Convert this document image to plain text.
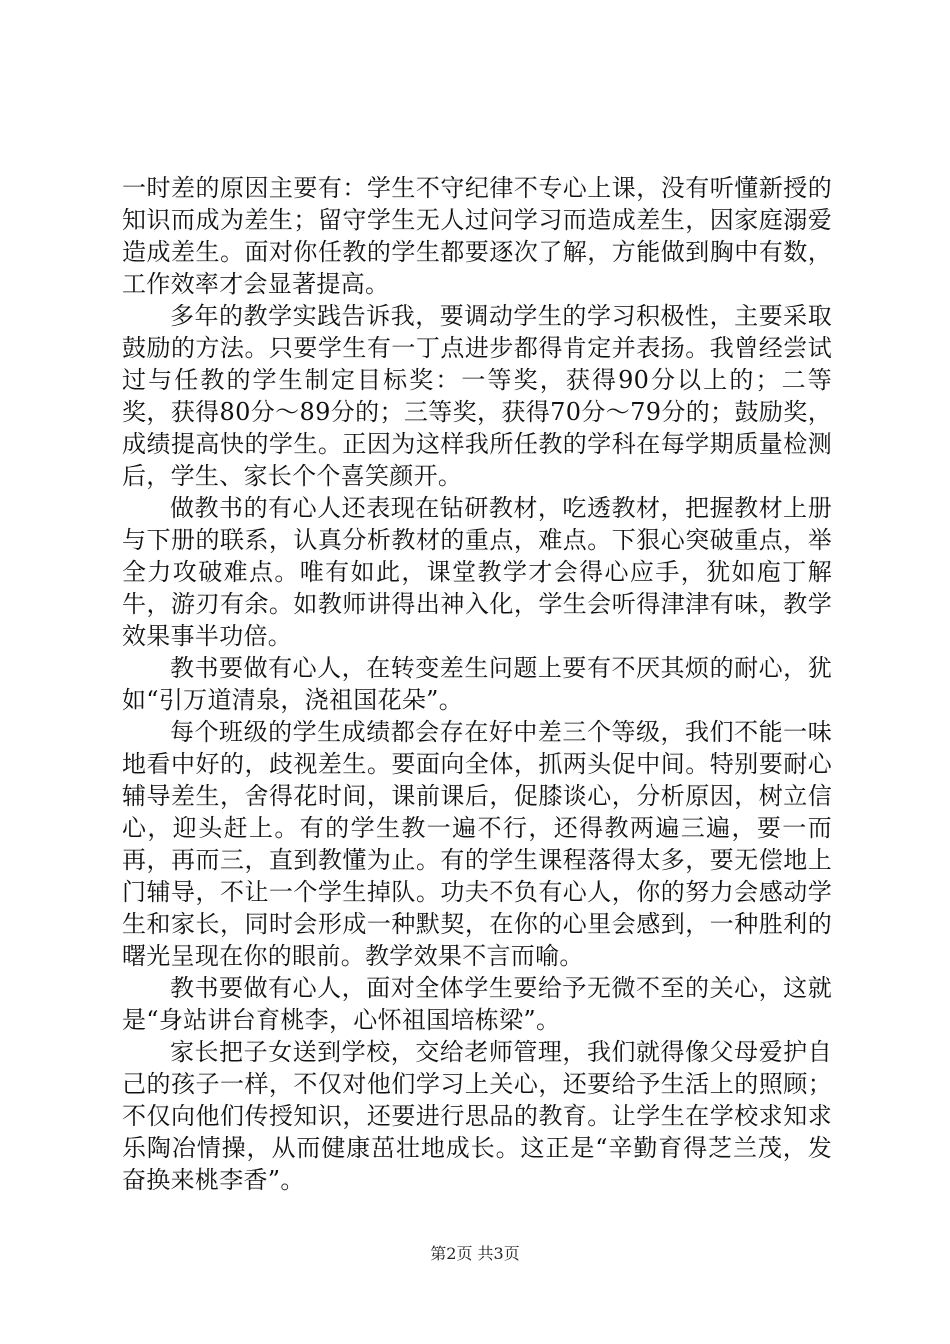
一时差的原因主要有：学生不守纪律不专心上课，没有听懂新授的知识而成为差生；留守学生无人过问学习而造成差生，因家庭溺爱造成差生。面对你任教的学生都要逐次了解，方能做到胸中有数，工作效率才会显著提高。

多年的教学实践告诉我，要调动学生的学习积极性，主要采取鼓励的方法。只要学生有一丁点进步都得肯定并表扬。我曾经尝试过与任教的学生制定目标奖：一等奖，获得90分以上的；二等奖，获得80分～89分的；三等奖，获得70分～79分的；鼓励奖，成绩提高快的学生。正因为这样我所任教的学科在每学期质量检测后，学生、家长个个喜笑颜开。

做教书的有心人还表现在钻研教材，吃透教材，把握教材上册与下册的联系，认真分析教材的重点，难点。下狠心突破重点，举全力攻破难点。唯有如此，课堂教学才会得心应手，犹如庖丁解牛，游刃有余。如教师讲得出神入化，学生会听得津津有味，教学效果事半功倍。

教书要做有心人，在转变差生问题上要有不厌其烦的耐心，犹如“引万道清泉，浇祖国花朵”。

每个班级的学生成绩都会存在好中差三个等级，我们不能一味地看中好的，歧视差生。要面向全体，抓两头促中间。特别要耐心辅导差生，舍得花时间，课前课后，促膝谈心，分析原因，树立信心，迎头赶上。有的学生教一遍不行，还得教两遍三遍，要一而再，再而三，直到教懂为止。有的学生课程落得太多，要无偿地上门辅导，不让一个学生掉队。功夫不负有心人，你的努力会感动学生和家长，同时会形成一种默契，在你的心里会感到，一种胜利的曙光呈现在你的眼前。教学效果不言而喻。

教书要做有心人，面对全体学生要给予无微不至的关心，这就是“身站讲台育桃李，心怀祖国培栋梁”。

家长把子女送到学校，交给老师管理，我们就得像父母爱护自己的孩子一样，不仅对他们学习上关心，还要给予生活上的照顾；不仅向他们传授知识，还要进行思品的教育。让学生在学校求知求乐陶冶情操，从而健康茁壮地成长。这正是“辛勤育得芝兰茂，发奋换来桃李香”。

第2页 共3页
